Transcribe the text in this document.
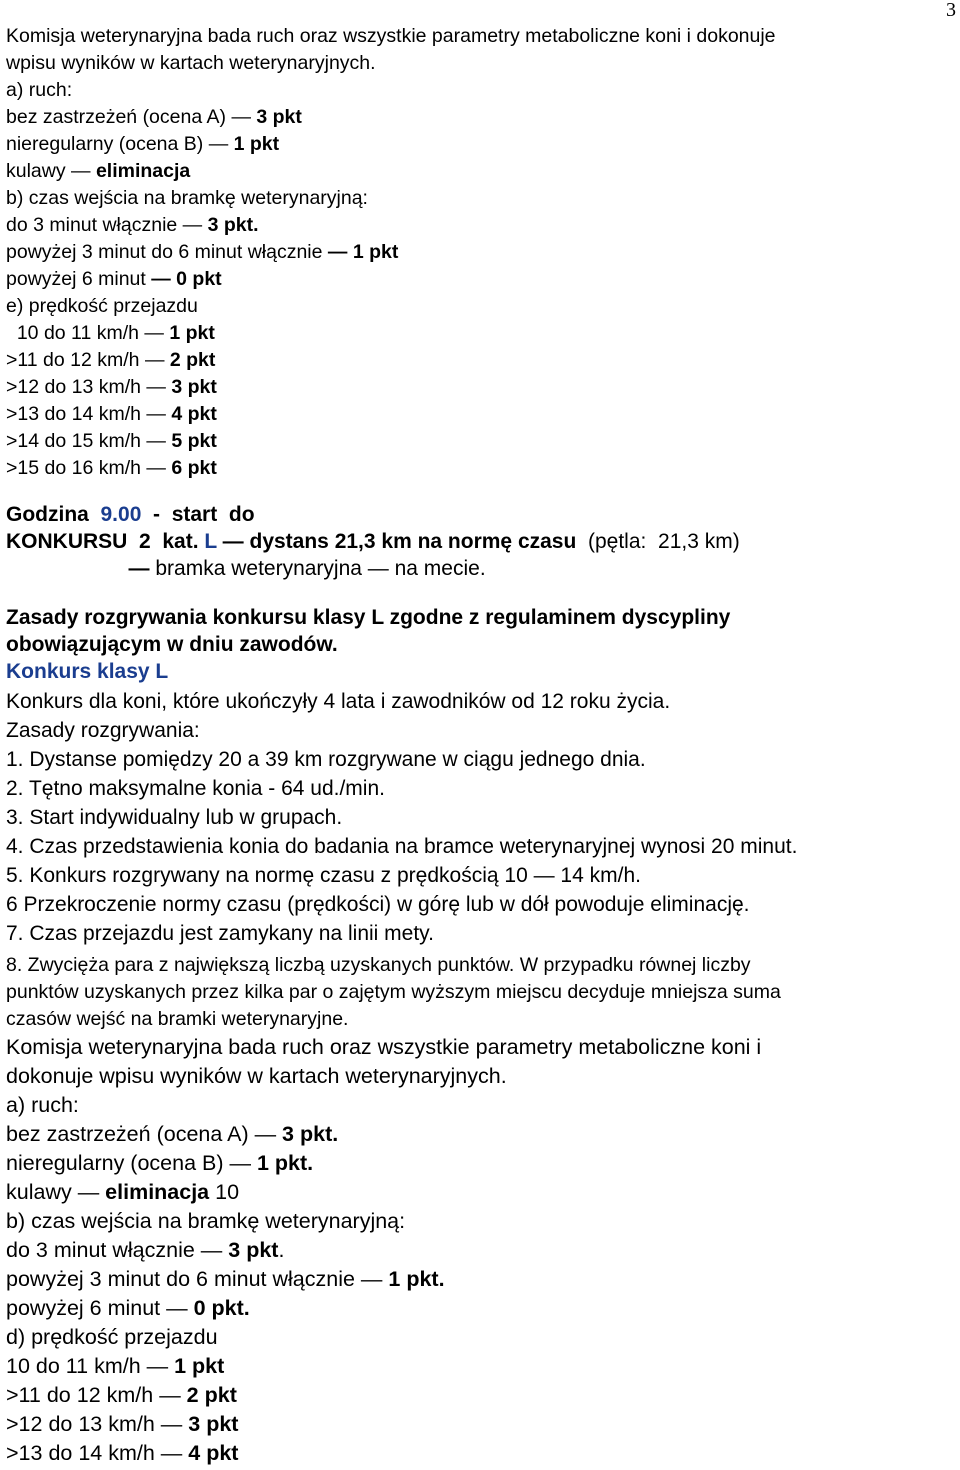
3
Komisja weterynaryjna bada ruch oraz wszystkie parametry metaboliczne koni i dokonuje
wpisu wyników w kartach weterynaryjnych.
a) ruch:
bez zastrzeżeń (ocena A) — 3 pkt
nieregularny (ocena B) — 1 pkt
kulawy — eliminacja
b) czas wejścia na bramkę weterynaryjną:
do 3 minut włącznie — 3 pkt.
powyżej 3 minut do 6 minut włącznie — 1 pkt
powyżej 6 minut — 0 pkt
e) prędkość przejazdu
10 do 11 km/h — 1 pkt
>11 do 12 km/h — 2 pkt
>12 do 13 km/h — 3 pkt
>13 do 14 km/h — 4 pkt
>14 do 15 km/h — 5 pkt
>15 do 16 km/h — 6 pkt
Godzina  9.00  -  start  do
KONKURSU  2  kat. L — dystans 21,3 km na normę czasu  (pętla:  21,3 km)
— bramka weterynaryjna — na mecie.
Zasady rozgrywania konkursu klasy L zgodne z regulaminem dyscypliny
obowiązującym w dniu zawodów.
Konkurs klasy L
Konkurs dla koni, które ukończyły 4 lata i zawodników od 12 roku życia.
Zasady rozgrywania:
1. Dystanse pomiędzy 20 a 39 km rozgrywane w ciągu jednego dnia.
2. Tętno maksymalne konia - 64 ud./min.
3. Start indywidualny lub w grupach.
4. Czas przedstawienia konia do badania na bramce weterynaryjnej wynosi 20 minut.
5. Konkurs rozgrywany na normę czasu z prędkością 10 — 14 km/h.
6 Przekroczenie normy czasu (prędkości) w górę lub w dół powoduje eliminację.
7. Czas przejazdu jest zamykany na linii mety.
8. Zwycięża para z największą liczbą uzyskanych punktów. W przypadku równej liczby
punktów uzyskanych przez kilka par o zajętym wyższym miejscu decyduje mniejsza suma
czasów wejść na bramki weterynaryjne.
Komisja weterynaryjna bada ruch oraz wszystkie parametry metaboliczne koni i
dokonuje wpisu wyników w kartach weterynaryjnych.
a) ruch:
bez zastrzeżeń (ocena A) — 3 pkt.
nieregularny (ocena B) — 1 pkt.
kulawy — eliminacja 10
b) czas wejścia na bramkę weterynaryjną:
do 3 minut włącznie — 3 pkt.
powyżej 3 minut do 6 minut włącznie — 1 pkt.
powyżej 6 minut — 0 pkt.
d) prędkość przejazdu
10 do 11 km/h — 1 pkt
>11 do 12 km/h — 2 pkt
>12 do 13 km/h — 3 pkt
>13 do 14 km/h — 4 pkt
